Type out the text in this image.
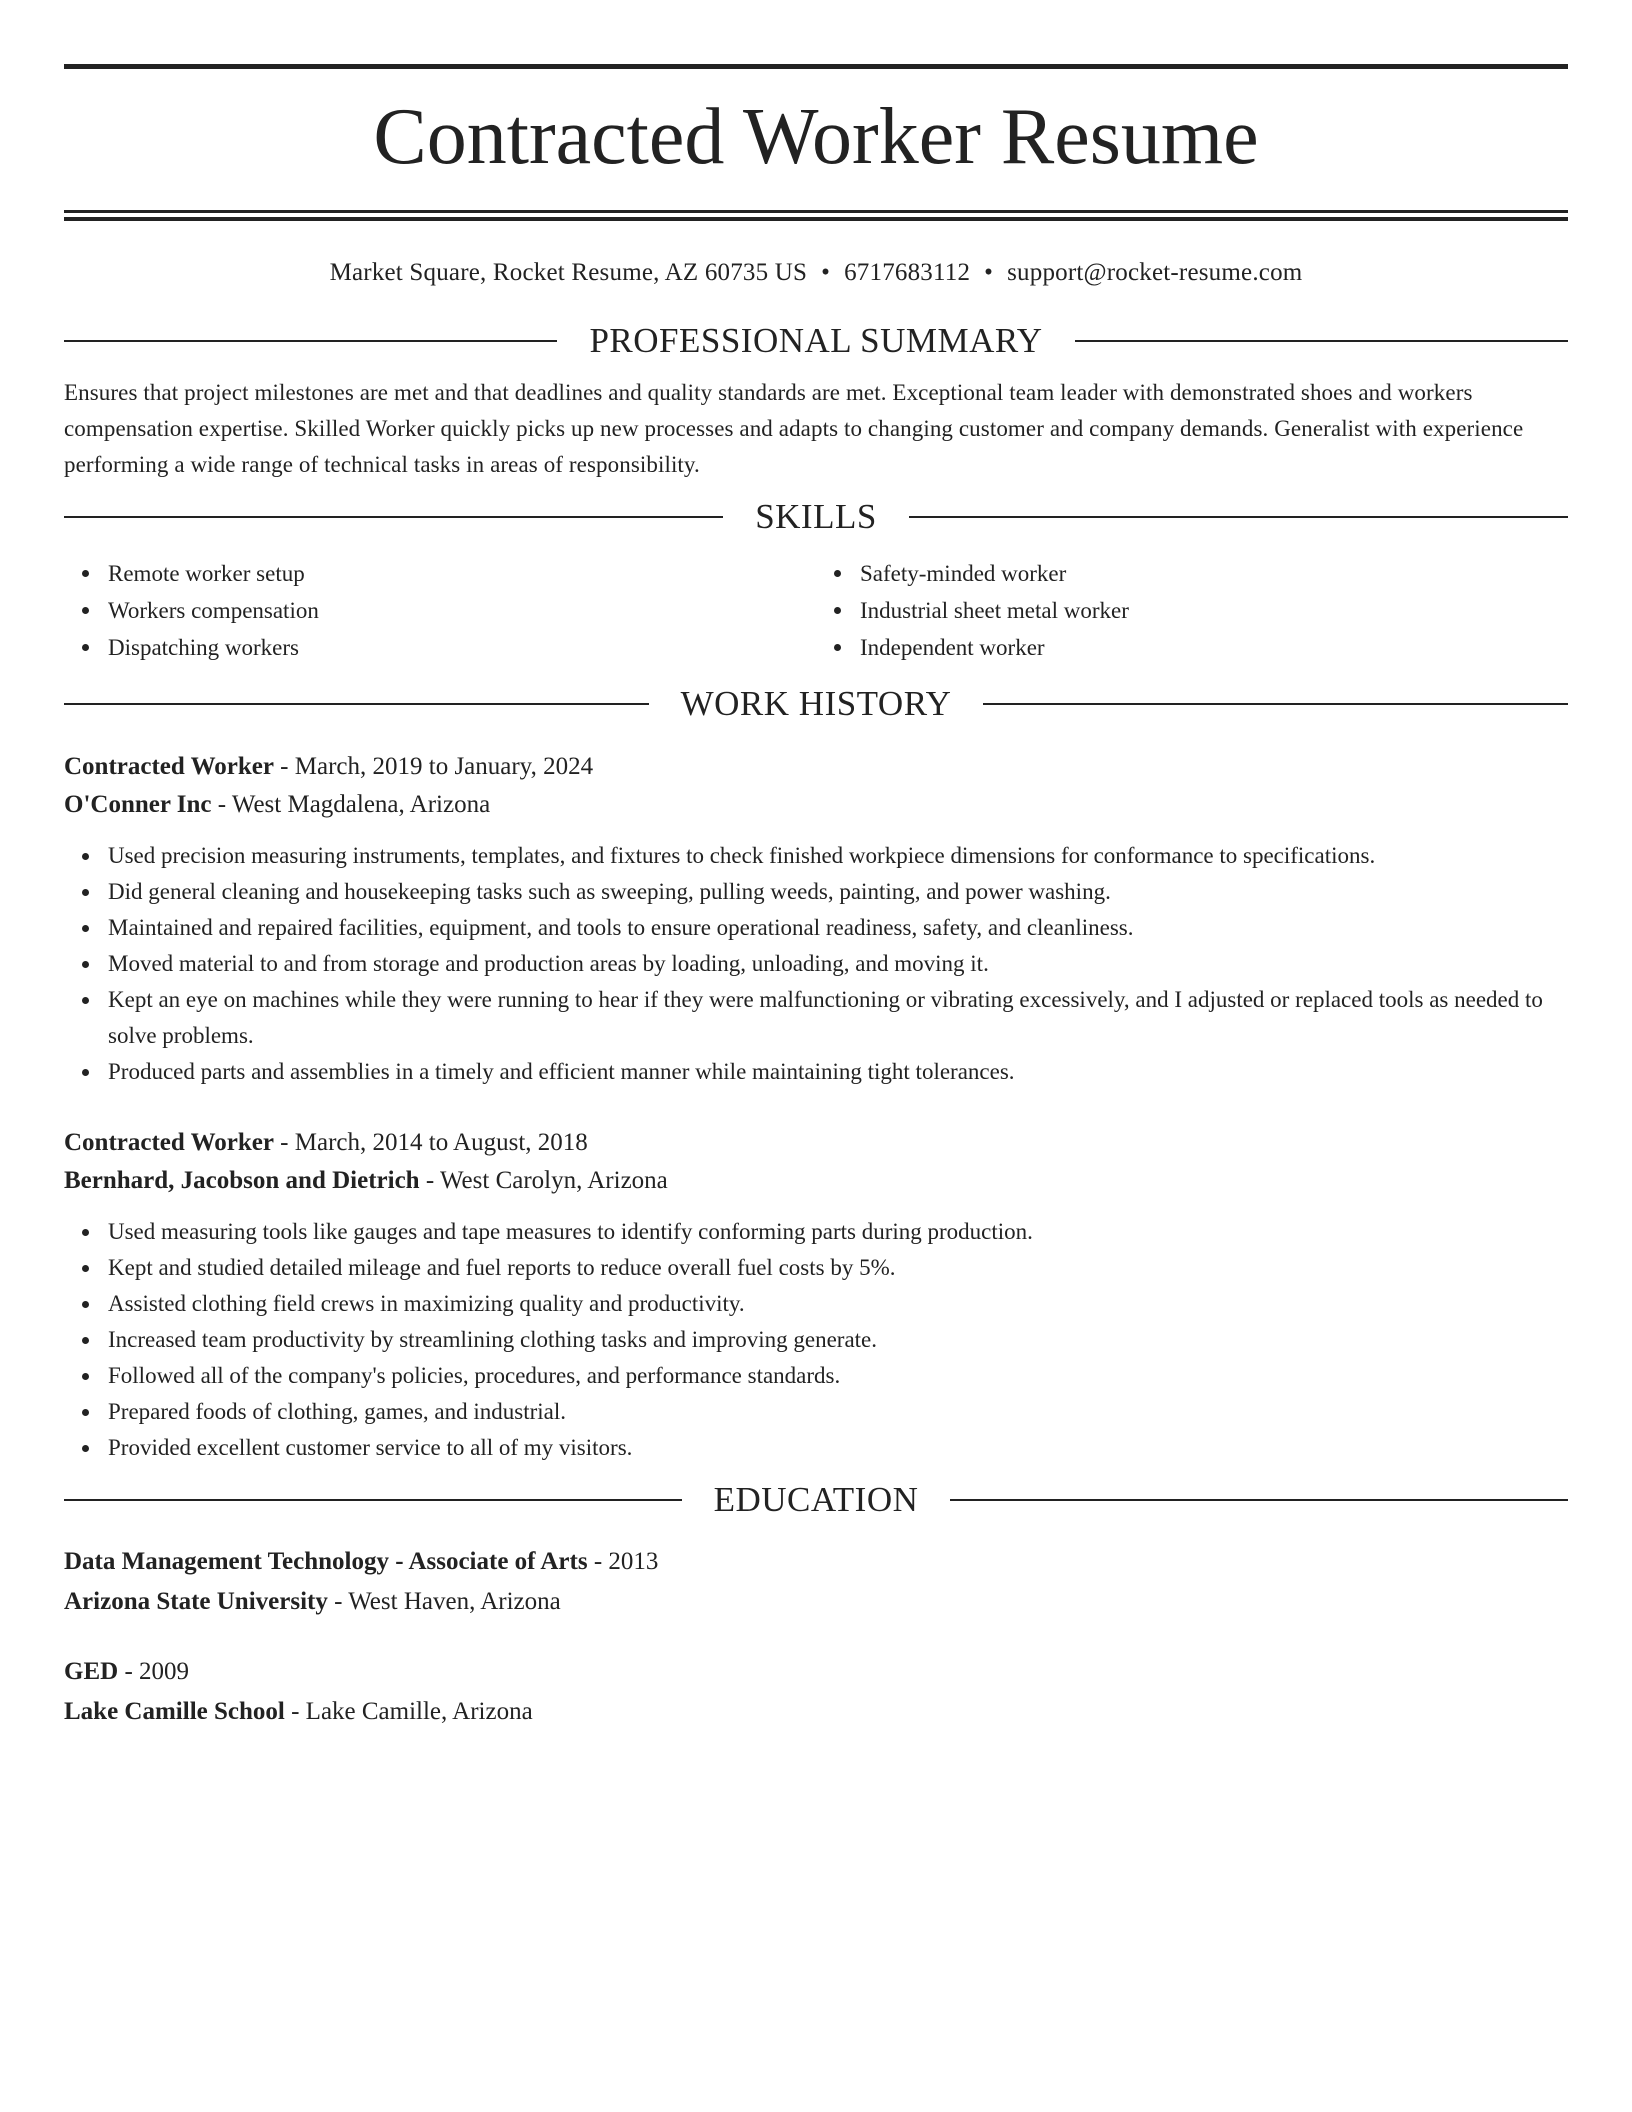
Contracted Worker Resume
Market Square, Rocket Resume, AZ 60735 US • 6717683112 • support@rocket-resume.com
PROFESSIONAL SUMMARY

Ensures that project milestones are met and that deadlines and quality standards are met. Exceptional team leader with demonstrated shoes and workers compensation expertise. Skilled Worker quickly picks up new processes and adapts to changing customer and company demands. Generalist with experience performing a wide range of technical tasks in areas of responsibility.

SKILLS
Remote worker setup
Workers compensation
Dispatching workers
Safety-minded worker
Industrial sheet metal worker
Independent worker
WORK HISTORY

Contracted Worker - March, 2019 to January, 2024

O'Conner Inc - West Magdalena, Arizona

Used precision measuring instruments, templates, and fixtures to check finished workpiece dimensions for conformance to specifications.
Did general cleaning and housekeeping tasks such as sweeping, pulling weeds, painting, and power washing.
Maintained and repaired facilities, equipment, and tools to ensure operational readiness, safety, and cleanliness.
Moved material to and from storage and production areas by loading, unloading, and moving it.
Kept an eye on machines while they were running to hear if they were malfunctioning or vibrating excessively, and I adjusted or replaced tools as needed to solve problems.
Produced parts and assemblies in a timely and efficient manner while maintaining tight tolerances.

Contracted Worker - March, 2014 to August, 2018

Bernhard, Jacobson and Dietrich - West Carolyn, Arizona

Used measuring tools like gauges and tape measures to identify conforming parts during production.
Kept and studied detailed mileage and fuel reports to reduce overall fuel costs by 5%.
Assisted clothing field crews in maximizing quality and productivity.
Increased team productivity by streamlining clothing tasks and improving generate.
Followed all of the company's policies, procedures, and performance standards.
Prepared foods of clothing, games, and industrial.
Provided excellent customer service to all of my visitors.
EDUCATION

Data Management Technology - Associate of Arts - 2013

Arizona State University - West Haven, Arizona

GED - 2009

Lake Camille School - Lake Camille, Arizona
